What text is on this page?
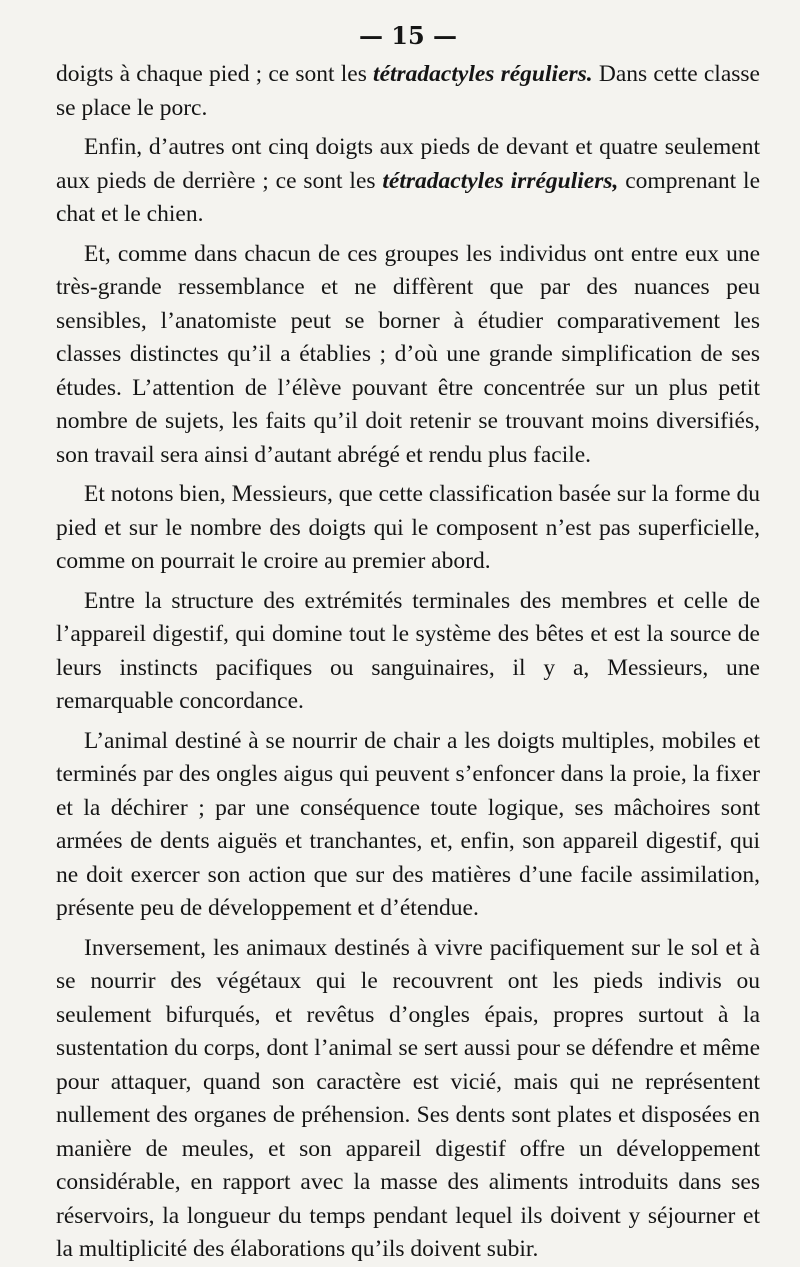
— 15 —

doigts à chaque pied ; ce sont les tétradactyles réguliers. Dans cette classe se place le porc.

Enfin, d’autres ont cinq doigts aux pieds de devant et quatre seulement aux pieds de derrière ; ce sont les tétradactyles irréguliers, comprenant le chat et le chien.

Et, comme dans chacun de ces groupes les individus ont entre eux une très-grande ressemblance et ne diffèrent que par des nuances peu sensibles, l’anatomiste peut se borner à étudier comparativement les classes distinctes qu’il a établies ; d’où une grande simplification de ses études. L’attention de l’élève pouvant être concentrée sur un plus petit nombre de sujets, les faits qu’il doit retenir se trouvant moins diversifiés, son travail sera ainsi d’autant abrégé et rendu plus facile.

Et notons bien, Messieurs, que cette classification basée sur la forme du pied et sur le nombre des doigts qui le composent n’est pas superficielle, comme on pourrait le croire au premier abord.

Entre la structure des extrémités terminales des membres et celle de l’appareil digestif, qui domine tout le système des bêtes et est la source de leurs instincts pacifiques ou sanguinaires, il y a, Messieurs, une remarquable concordance.

L’animal destiné à se nourrir de chair a les doigts multiples, mobiles et terminés par des ongles aigus qui peuvent s’enfoncer dans la proie, la fixer et la déchirer ; par une conséquence toute logique, ses mâchoires sont armées de dents aiguës et tranchantes, et, enfin, son appareil digestif, qui ne doit exercer son action que sur des matières d’une facile assimilation, présente peu de développement et d’étendue.

Inversement, les animaux destinés à vivre pacifiquement sur le sol et à se nourrir des végétaux qui le recouvrent ont les pieds indivis ou seulement bifurqués, et revêtus d’ongles épais, propres surtout à la sustentation du corps, dont l’animal se sert aussi pour se défendre et même pour attaquer, quand son caractère est vicié, mais qui ne représentent nullement des organes de préhension. Ses dents sont plates et disposées en manière de meules, et son appareil digestif offre un développement considérable, en rapport avec la masse des aliments introduits dans ses réservoirs, la longueur du temps pendant lequel ils doivent y séjourner et la multiplicité des élaborations qu’ils doivent subir.
